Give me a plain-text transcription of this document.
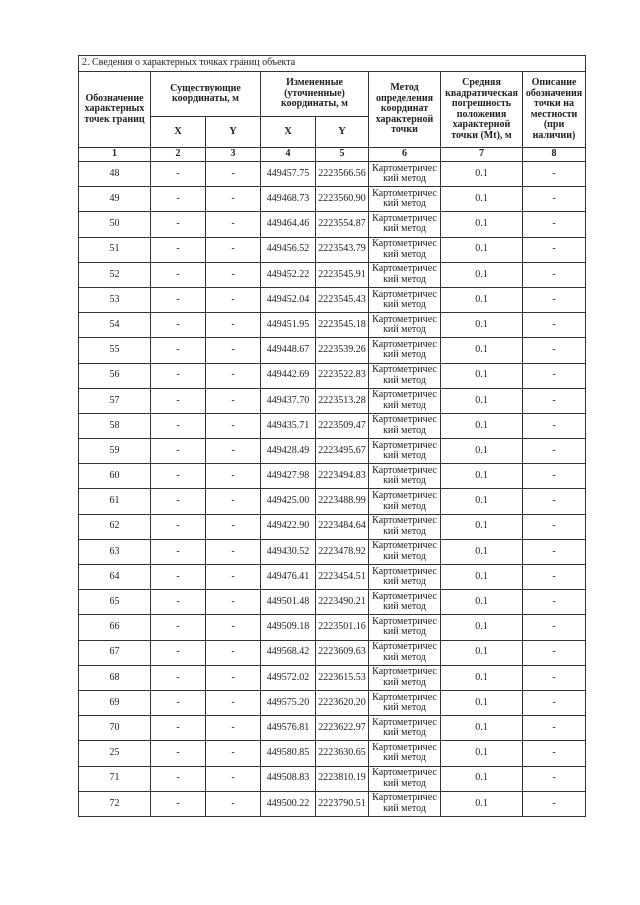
2. Сведения о характерных точках границ объекта							
Обозначение характерных точек границ	Существующие координаты, м		Измененные (уточненные) координаты, м		Метод определения координат характерной точки	Средняя квадратическая погрешность положения характерной точки (Mt), м	Описание обозначения точки на местности (при наличии)
	X	Y	X	Y			
1	2	3	4	5	6	7	8
48	-	-	449457.75	2223566.56	Картометричес кий метод	0.1	-
49	-	-	449468.73	2223560.90	Картометричес кий метод	0.1	-
50	-	-	449464.46	2223554.87	Картометричес кий метод	0.1	-
51	-	-	449456.52	2223543.79	Картометричес кий метод	0.1	-
52	-	-	449452.22	2223545.91	Картометричес кий метод	0.1	-
53	-	-	449452.04	2223545.43	Картометричес кий метод	0.1	-
54	-	-	449451.95	2223545.18	Картометричес кий метод	0.1	-
55	-	-	449448.67	2223539.26	Картометричес кий метод	0.1	-
56	-	-	449442.69	2223522.83	Картометричес кий метод	0.1	-
57	-	-	449437.70	2223513.28	Картометричес кий метод	0.1	-
58	-	-	449435.71	2223509.47	Картометричес кий метод	0.1	-
59	-	-	449428.49	2223495.67	Картометричес кий метод	0.1	-
60	-	-	449427.98	2223494.83	Картометричес кий метод	0.1	-
61	-	-	449425.00	2223488.99	Картометричес кий метод	0.1	-
62	-	-	449422.90	2223484.64	Картометричес кий метод	0.1	-
63	-	-	449430.52	2223478.92	Картометричес кий метод	0.1	-
64	-	-	449476.41	2223454.51	Картометричес кий метод	0.1	-
65	-	-	449501.48	2223490.21	Картометричес кий метод	0.1	-
66	-	-	449509.18	2223501.16	Картометричес кий метод	0.1	-
67	-	-	449568.42	2223609.63	Картометричес кий метод	0.1	-
68	-	-	449572.02	2223615.53	Картометричес кий метод	0.1	-
69	-	-	449575.20	2223620.20	Картометричес кий метод	0.1	-
70	-	-	449576.81	2223622.97	Картометричес кий метод	0.1	-
25	-	-	449580.85	2223630.65	Картометричес кий метод	0.1	-
71	-	-	449508.83	2223810.19	Картометричес кий метод	0.1	-
72	-	-	449500.22	2223790.51	Картометричес кий метод	0.1	-
